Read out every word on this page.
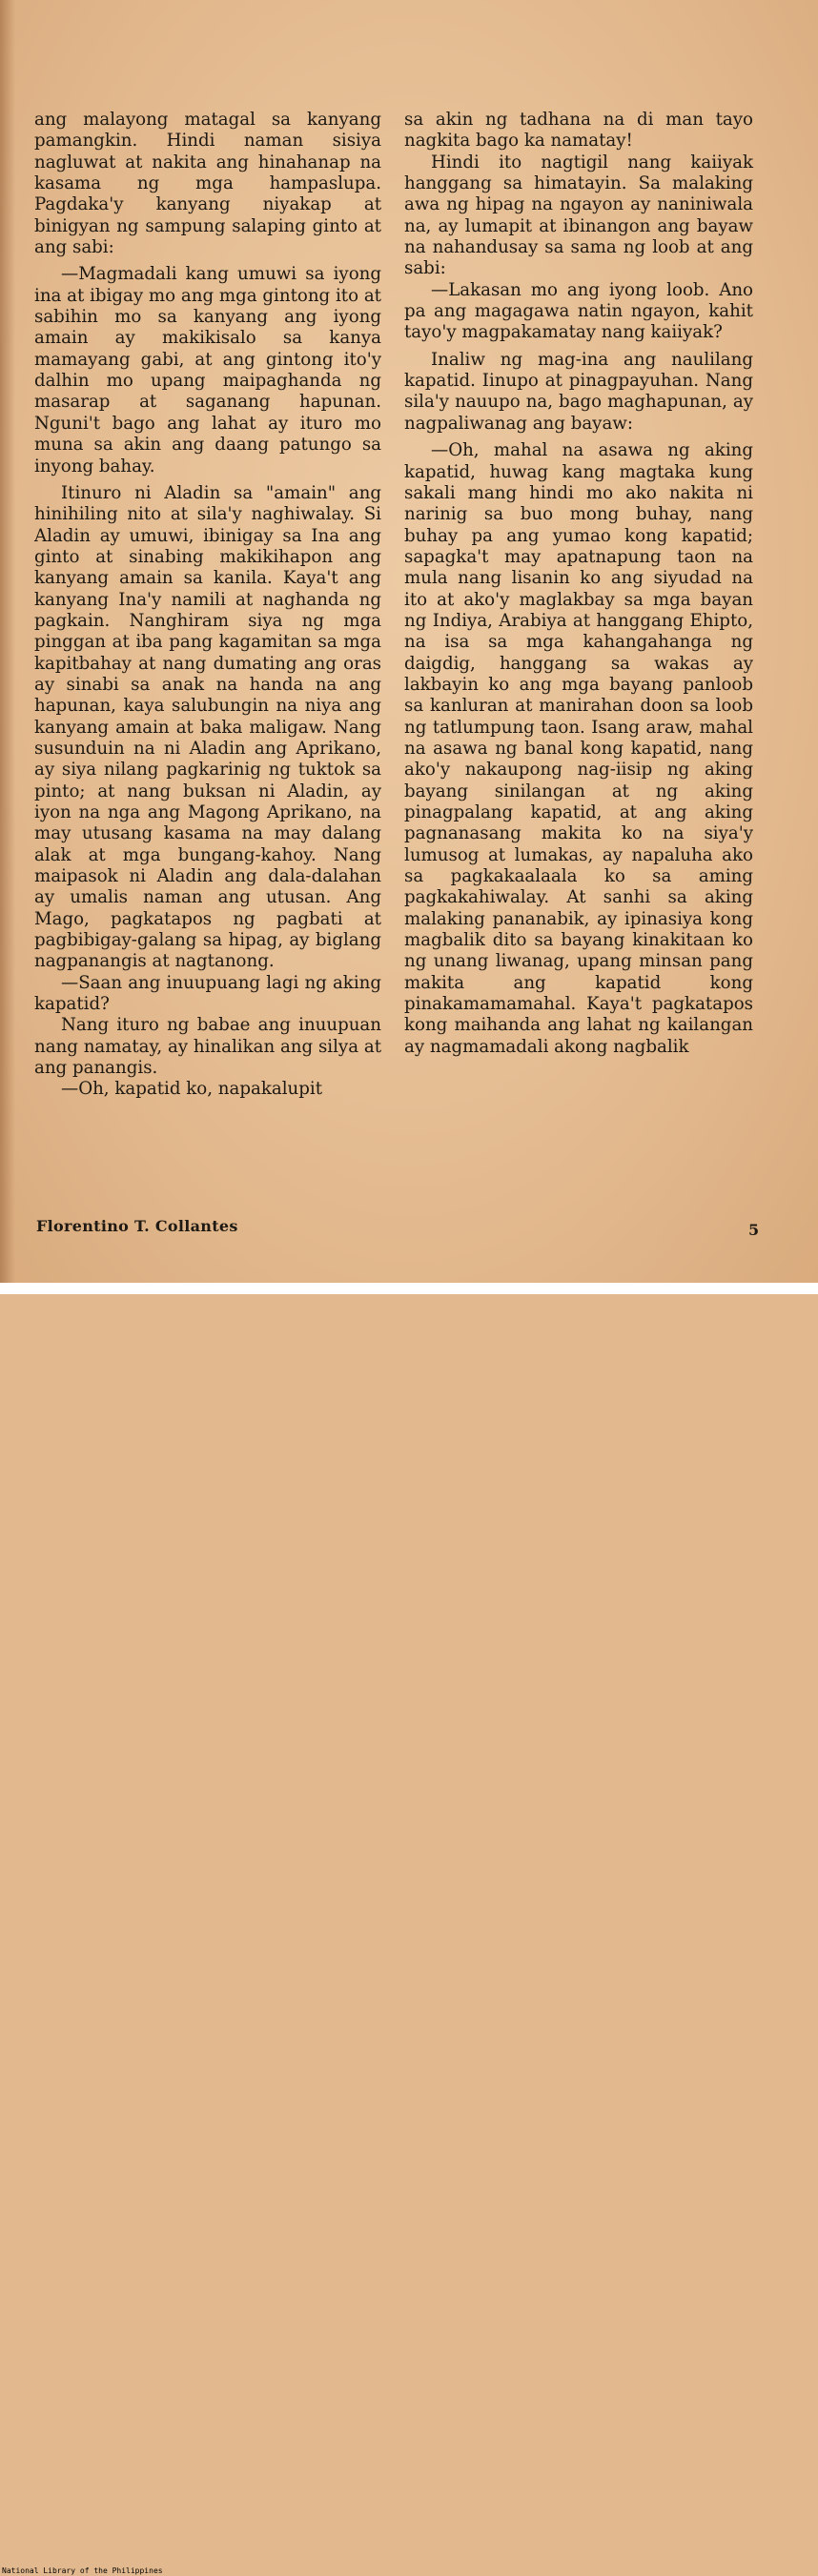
ang malayong matagal sa kanyang pamangkin. Hindi naman sisiya nagluwat at nakita ang hinahanap na kasama ng mga hampaslupa. Pagdaka'y kanyang niyakap at binigyan ng sampung salaping ginto at ang sabi:

—Magmadali kang umuwi sa iyong ina at ibigay mo ang mga gintong ito at sabihin mo sa kanyang ang iyong amain ay makikisalo sa kanya mamayang gabi, at ang gintong ito'y dalhin mo upang maipaghanda ng masarap at saganang hapunan. Nguni't bago ang lahat ay ituro mo muna sa akin ang daang patungo sa inyong bahay.

Itinuro ni Aladin sa "amain" ang hinihiling nito at sila'y naghiwalay. Si Aladin ay umuwi, ibinigay sa Ina ang ginto at sinabing makikihapon ang kanyang amain sa kanila. Kaya't ang kanyang Ina'y namili at naghanda ng pagkain. Nanghiram siya ng mga pinggan at iba pang kagamitan sa mga kapitbahay at nang dumating ang oras ay sinabi sa anak na handa na ang hapunan, kaya salubungin na niya ang kanyang amain at baka maligaw. Nang susunduin na ni Aladin ang Aprikano, ay siya nilang pagkarinig ng tuktok sa pinto; at nang buksan ni Aladin, ay iyon na nga ang Magong Aprikano, na may utusang kasama na may dalang alak at mga bungang-kahoy. Nang maipasok ni Aladin ang dala-dalahan ay umalis naman ang utusan. Ang Mago, pagkatapos ng pagbati at pagbibigay-galang sa hipag, ay biglang nagpanangis at nagtanong.

—Saan ang inuupuang lagi ng aking kapatid?

Nang ituro ng babae ang inuupuan nang namatay, ay hinalikan ang silya at ang panangis.

—Oh, kapatid ko, napakalupit

sa akin ng tadhana na di man tayo nagkita bago ka namatay!

Hindi ito nagtigil nang kaiiyak hanggang sa himatayin. Sa malaking awa ng hipag na ngayon ay naniniwala na, ay lumapit at ibinangon ang bayaw na nahandusay sa sama ng loob at ang sabi:

—Lakasan mo ang iyong loob. Ano pa ang magagawa natin ngayon, kahit tayo'y magpakamatay nang kaiiyak?

Inaliw ng mag-ina ang naulilang kapatid. Iinupo at pinagpayuhan. Nang sila'y nauupo na, bago maghapunan, ay nagpaliwanag ang bayaw:

—Oh, mahal na asawa ng aking kapatid, huwag kang magtaka kung sakali mang hindi mo ako nakita ni narinig sa buo mong buhay, nang buhay pa ang yumao kong kapatid; sapagka't may apatnapung taon na mula nang lisanin ko ang siyudad na ito at ako'y maglakbay sa mga bayan ng Indiya, Arabiya at hanggang Ehipto, na isa sa mga kahangahanga ng daigdig, hanggang sa wakas ay lakbayin ko ang mga bayang panloob sa kanluran at manirahan doon sa loob ng tatlumpung taon. Isang araw, mahal na asawa ng banal kong kapatid, nang ako'y nakaupong nag-iisip ng aking bayang sinilangan at ng aking pinagpalang kapatid, at ang aking pagnanasang makita ko na siya'y lumusog at lumakas, ay napaluha ako sa pagkakaalaala ko sa aming pagkakahiwalay. At sanhi sa aking malaking pananabik, ay ipinasiya kong magbalik dito sa bayang kinakitaan ko ng unang liwanag, upang minsan pang makita ang kapatid kong pinakamamamahal. Kaya't pagkatapos kong maihanda ang lahat ng kailangan ay nagmamadali akong nagbalik

Florentino T. Collantes	5
National Library of the Philippines
